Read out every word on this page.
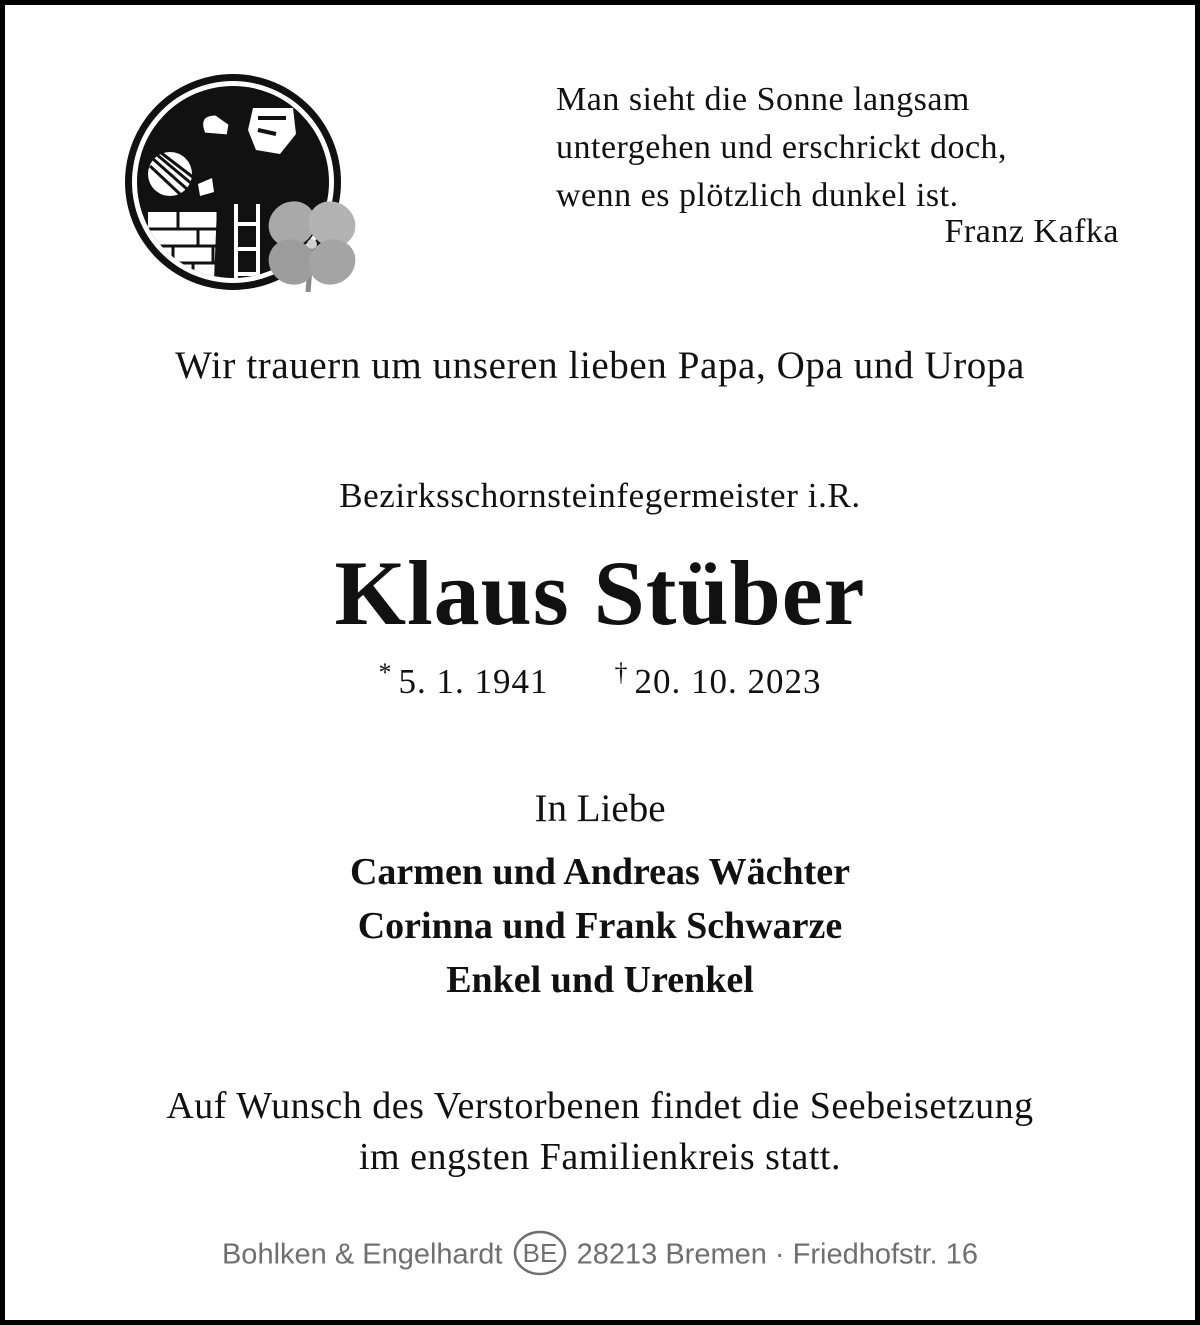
Man sieht die Sonne langsam
untergehen und erschrickt doch,
wenn es plötzlich dunkel ist.
Franz Kafka
Wir trauern um unseren lieben Papa, Opa und Uropa
Bezirksschornsteinfegermeister i.R.
Klaus Stüber
* 5. 1. 1941	† 20. 10. 2023
In Liebe
Carmen und Andreas Wächter
Corinna und Frank Schwarze
Enkel und Urenkel
Auf Wunsch des Verstorbenen findet die Seebeisetzung
im engsten Familienkreis statt.
Bohlken & Engelhardt BE 28213 Bremen · Friedhofstr. 16
